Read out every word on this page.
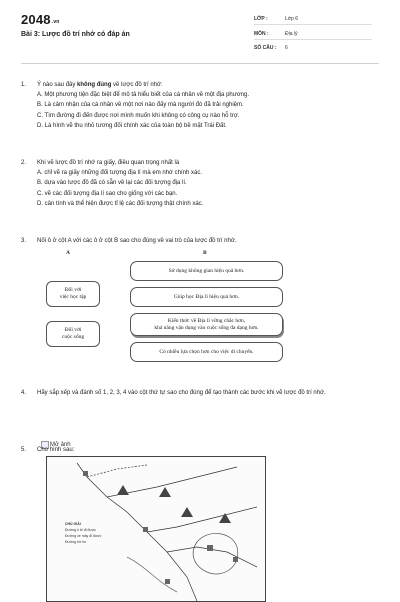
$2048^{.vn}$
Bài 3: Lược đồ trí nhớ có đáp án
LỚP :	Lớp 6
MÔN :	Địa lý
SỐ CÂU : 6
1. Ý nào sau đây không đúng về lược đồ trí nhớ:
A. Một phương tiện đặc biệt để mô tả hiểu biết của cá nhân về một địa phương.
B. Là cảm nhận của cá nhân về một nơi nào đấy mà người đó đã trải nghiệm.
C. Tìm đường đi đến được nơi mình muốn khi không có công cụ nào hỗ trợ.
D. Là hình vẽ thu nhỏ tương đối chính xác của toàn bộ bề mặt Trái Đất.
2. Khi vẽ lược đồ trí nhớ ra giấy, điều quan trọng nhất là
A. chỉ vẽ ra giấy những đối tượng địa lí mà em nhớ chính xác.
B. dựa vào lược đồ đã có sẵn về lại các đối tượng địa lí.
C. vẽ các đối tượng địa lí sao cho giống với các bạn.
D. cân tính và thể hiện được tỉ lệ các đối tượng thật chính xác.
3. Nối ô ở cột A với các ô ở cột B sao cho đúng về vai trò của lược đồ trí nhớ.
A	B
Đối với
việc học tập
Đối với
cuộc sống
Sử dụng không gian hiệu quả hơn.
Giúp học Địa lí hiệu quả hơn.
Kiến thức về Địa lí vững chắc hơn,
khả năng vận dụng vào cuộc sống đa dạng hơn.
Có nhiều lựa chọn hơn cho việc di chuyển.
4. Hãy sắp xếp và đánh số 1, 2, 3, 4 vào cột thứ tự sao cho đúng để tạo thành các bước khi vẽ lược đồ trí nhớ.
Mở ảnh
5. Cho hình sau:
CHÚ GIẢI
Đường ô tô đi được
Đường xe máy đi được
Đường bờ hồ
